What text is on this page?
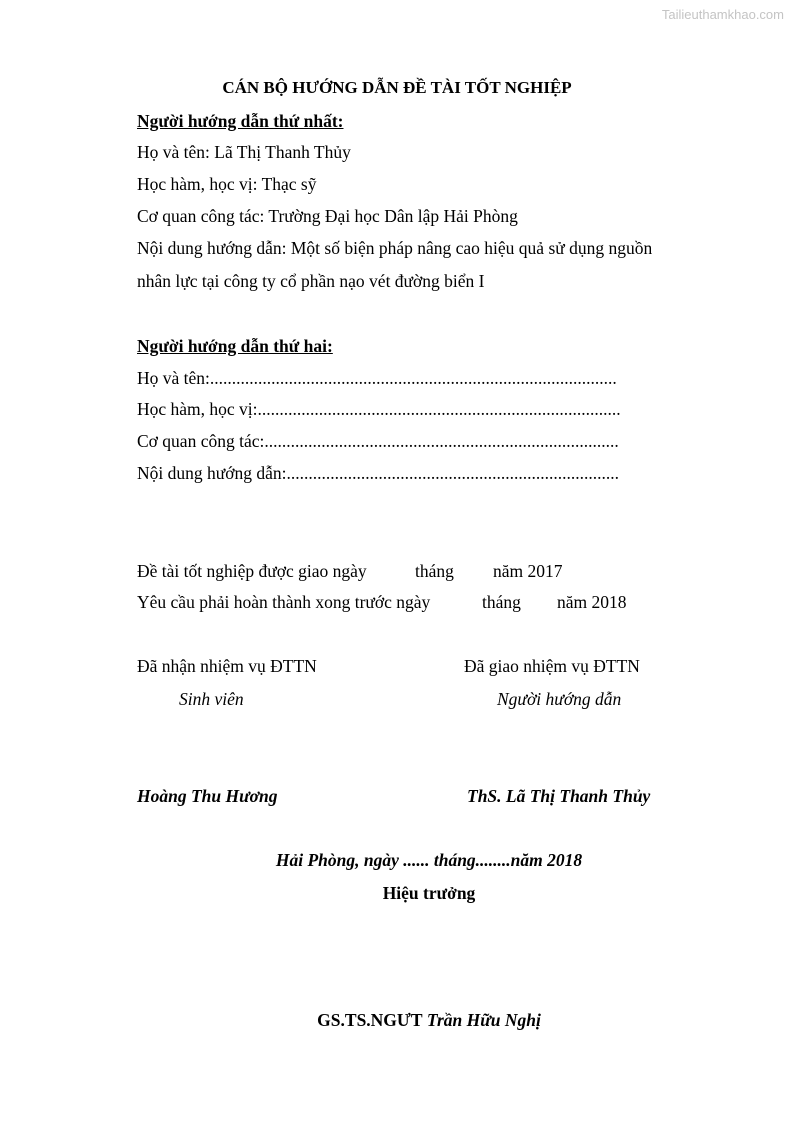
Tailieuthamkhao.com
CÁN BỘ HƯỚNG DẪN ĐỀ TÀI TỐT NGHIỆP
Người hướng dẫn thứ nhất:
Họ và tên: Lã Thị Thanh Thủy
Học hàm, học vị: Thạc sỹ
Cơ quan công tác: Trường Đại học Dân lập Hải Phòng
Nội dung hướng dẫn: Một số biện pháp nâng cao hiệu quả sử dụng nguồn
nhân lực tại công ty cổ phần nạo vét đường biển I
Người hướng dẫn thứ hai:
Họ và tên:.............................................................................................
Học hàm, học vị:...................................................................................
Cơ quan công tác:.................................................................................
Nội dung hướng dẫn:............................................................................
Đề tài tốt nghiệp được giao ngày	tháng năm 2017
Yêu cầu phải hoàn thành xong trước ngày	tháng năm 2018
Đã nhận nhiệm vụ ĐTTN
Sinh viên
Hoàng Thu Hương
Đã giao nhiệm vụ ĐTTN
Người hướng dẫn
ThS. Lã Thị Thanh Thủy
Hải Phòng, ngày ...... tháng........năm 2018
Hiệu trưởng
GS.TS.NGƯT Trần Hữu Nghị
